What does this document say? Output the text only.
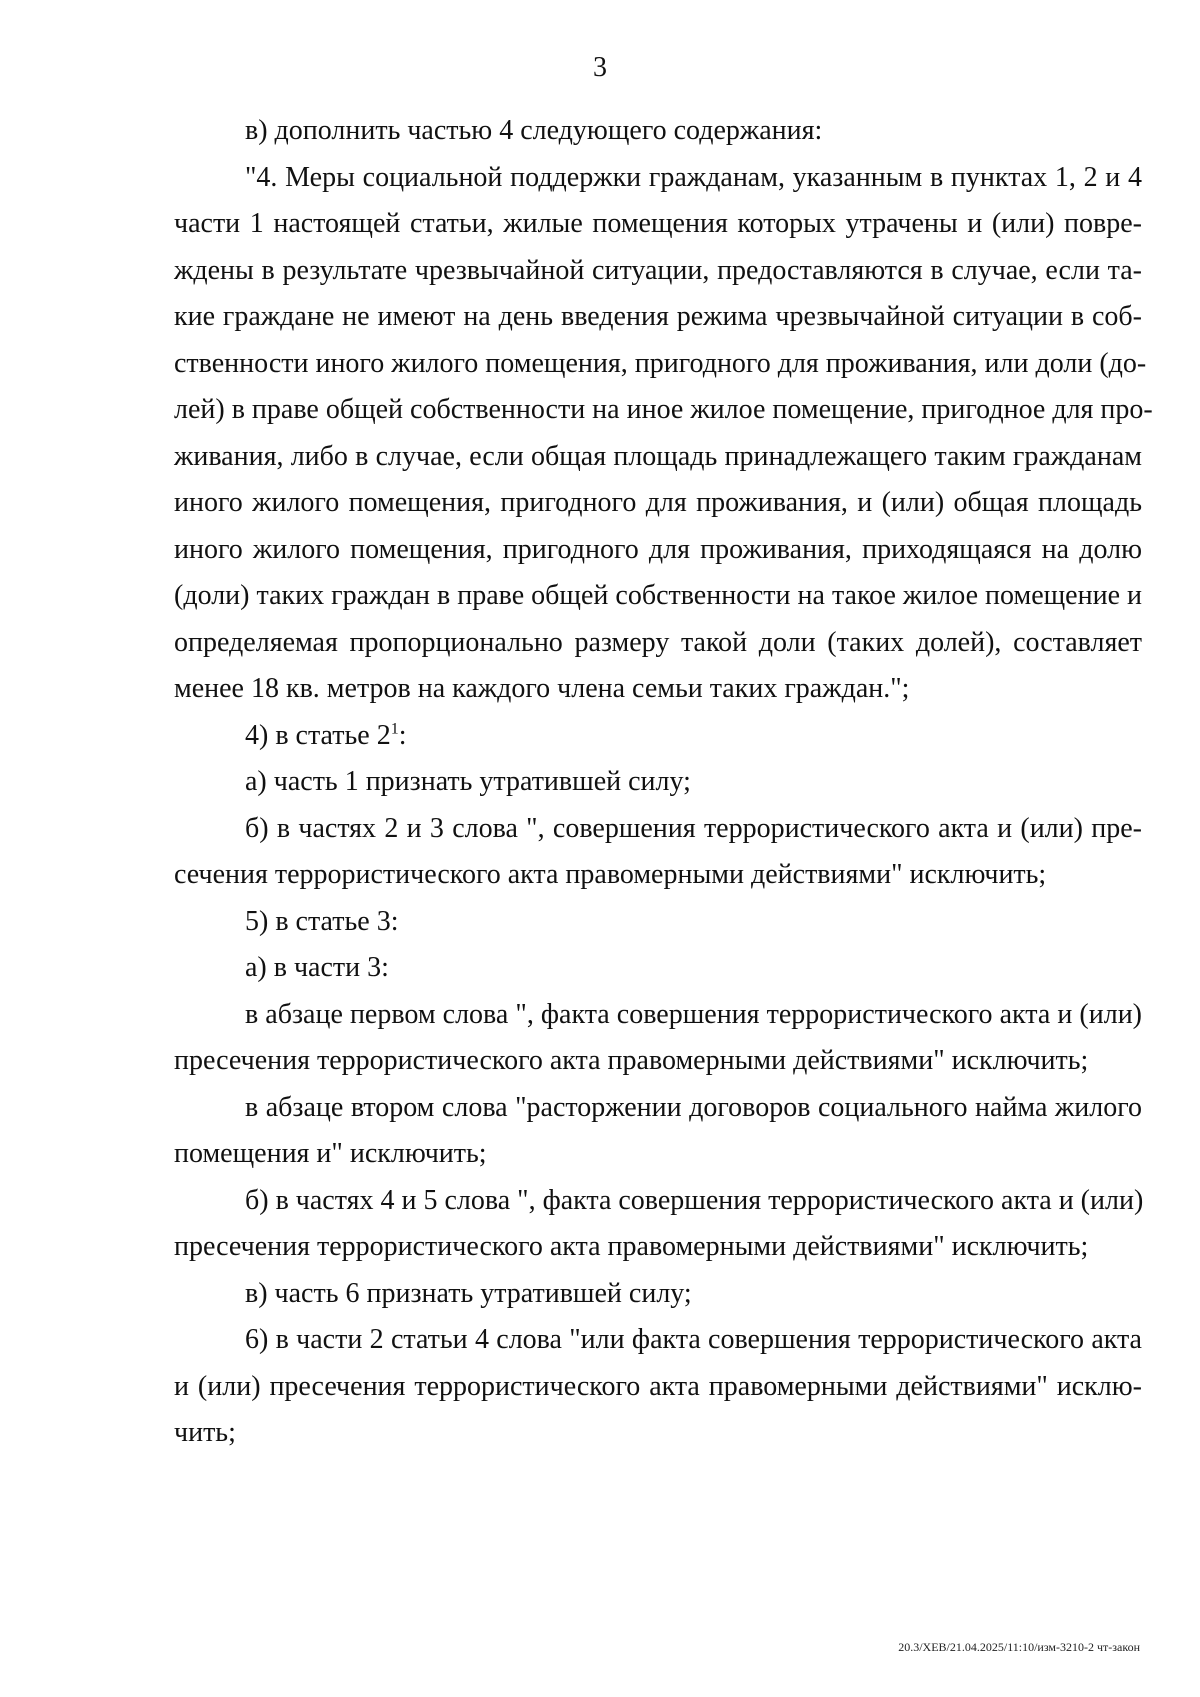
3
в) дополнить частью 4 следующего содержания:
"4. Меры социальной поддержки гражданам, указанным в пунктах 1, 2 и 4
части 1 настоящей статьи, жилые помещения которых утрачены и (или) повре-
ждены в результате чрезвычайной ситуации, предоставляются в случае, если та-
кие граждане не имеют на день введения режима чрезвычайной ситуации в соб-
ственности иного жилого помещения, пригодного для проживания, или доли (до-
лей) в праве общей собственности на иное жилое помещение, пригодное для про-
живания, либо в случае, если общая площадь принадлежащего таким гражданам
иного жилого помещения, пригодного для проживания, и (или) общая площадь
иного жилого помещения, пригодного для проживания, приходящаяся на долю
(доли) таких граждан в праве общей собственности на такое жилое помещение и
определяемая пропорционально размеру такой доли (таких долей), составляет
менее 18 кв. метров на каждого члена семьи таких граждан.";
4) в статье $2^1$:
а) часть 1 признать утратившей силу;
б) в частях 2 и 3 слова ", совершения террористического акта и (или) пре-
сечения террористического акта правомерными действиями" исключить;
5) в статье 3:
а) в части 3:
в абзаце первом слова ", факта совершения террористического акта и (или)
пресечения террористического акта правомерными действиями" исключить;
в абзаце втором слова "расторжении договоров социального найма жилого
помещения и" исключить;
б) в частях 4 и 5 слова ", факта совершения террористического акта и (или)
пресечения террористического акта правомерными действиями" исключить;
в) часть 6 признать утратившей силу;
6) в части 2 статьи 4 слова "или факта совершения террористического акта
и (или) пресечения террористического акта правомерными действиями" исклю-
чить;
20.3/ХЕВ/21.04.2025/11:10/изм-3210-2 чт-закон
